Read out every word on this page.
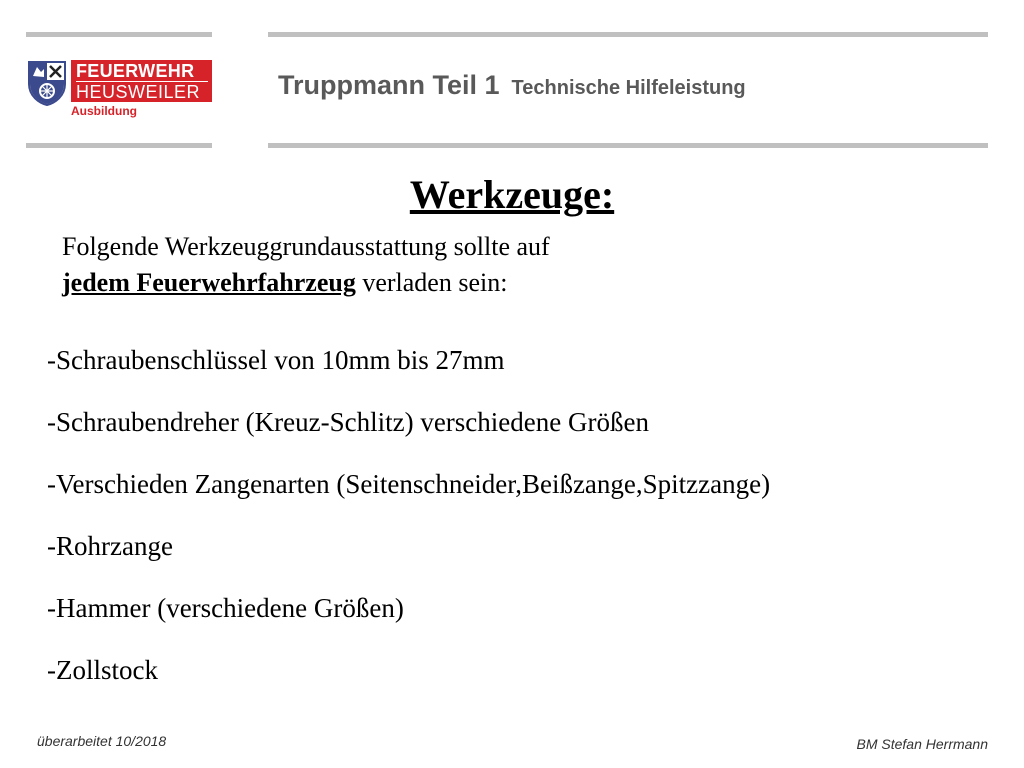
FEUERWEHR
HEUSWEILER
Ausbildung
Truppmann Teil 1 Technische Hilfeleistung
Werkzeuge:
Folgende Werkzeuggrundausstattung sollte auf
jedem Feuerwehrfahrzeug verladen sein:
-Schraubenschlüssel von 10mm bis 27mm
-Schraubendreher (Kreuz-Schlitz) verschiedene Größen
-Verschieden Zangenarten (Seitenschneider,Beißzange,Spitzzange)
-Rohrzange
-Hammer (verschiedene Größen)
-Zollstock
überarbeitet 10/2018	BM Stefan Herrmann
